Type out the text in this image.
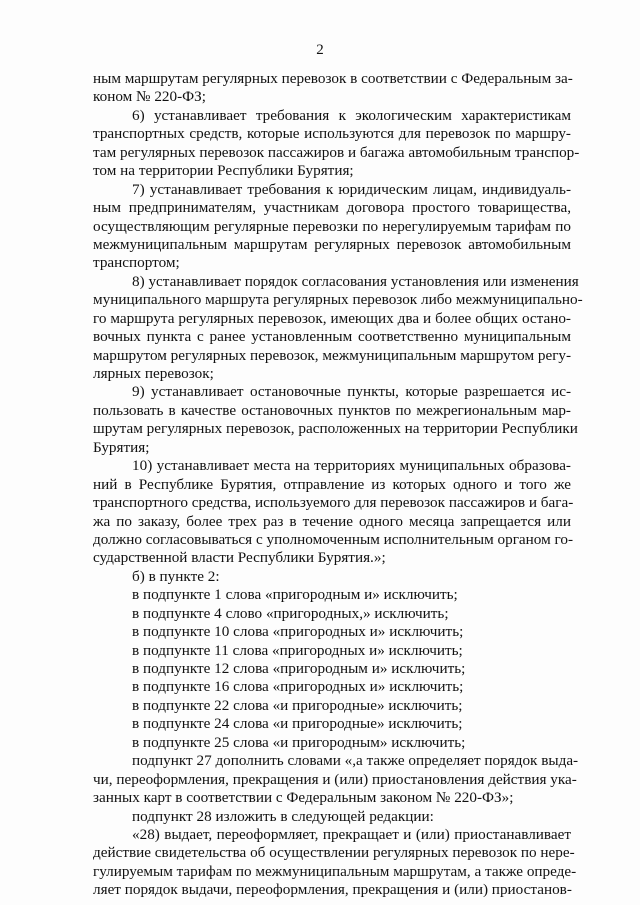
2
ным маршрутам регулярных перевозок в соответствии с Федеральным за-
коном № 220-ФЗ;
6) устанавливает требования к экологическим характеристикам
транспортных средств, которые используются для перевозок по маршру-
там регулярных перевозок пассажиров и багажа автомобильным транспор-
том на территории Республики Бурятия;
7) устанавливает требования к юридическим лицам, индивидуаль-
ным предпринимателям, участникам договора простого товарищества,
осуществляющим регулярные перевозки по нерегулируемым тарифам по
межмуниципальным маршрутам регулярных перевозок автомобильным
транспортом;
8) устанавливает порядок согласования установления или изменения
муниципального маршрута регулярных перевозок либо межмуниципально-
го маршрута регулярных перевозок, имеющих два и более общих остано-
вочных пункта с ранее установленным соответственно муниципальным
маршрутом регулярных перевозок, межмуниципальным маршрутом регу-
лярных перевозок;
9) устанавливает остановочные пункты, которые разрешается ис-
пользовать в качестве остановочных пунктов по межрегиональным мар-
шрутам регулярных перевозок, расположенных на территории Республики
Бурятия;
10) устанавливает места на территориях муниципальных образова-
ний в Республике Бурятия, отправление из которых одного и того же
транспортного средства, используемого для перевозок пассажиров и бага-
жа по заказу, более трех раз в течение одного месяца запрещается или
должно согласовываться с уполномоченным исполнительным органом го-
сударственной власти Республики Бурятия.»;
б) в пункте 2:
в подпункте 1 слова «пригородным и» исключить;
в подпункте 4 слово «пригородных,» исключить;
в подпункте 10 слова «пригородных и» исключить;
в подпункте 11 слова «пригородных и» исключить;
в подпункте 12 слова «пригородным и» исключить;
в подпункте 16 слова «пригородных и» исключить;
в подпункте 22 слова «и пригородные» исключить;
в подпункте 24 слова «и пригородные» исключить;
в подпункте 25 слова «и пригородным» исключить;
подпункт 27 дополнить словами «,а также определяет порядок выда-
чи, переоформления, прекращения и (или) приостановления действия ука-
занных карт в соответствии с Федеральным законом № 220-ФЗ»;
подпункт 28 изложить в следующей редакции:
«28) выдает, переоформляет, прекращает и (или) приостанавливает
действие свидетельства об осуществлении регулярных перевозок по нере-
гулируемым тарифам по межмуниципальным маршрутам, а также опреде-
ляет порядок выдачи, переоформления, прекращения и (или) приостанов-
